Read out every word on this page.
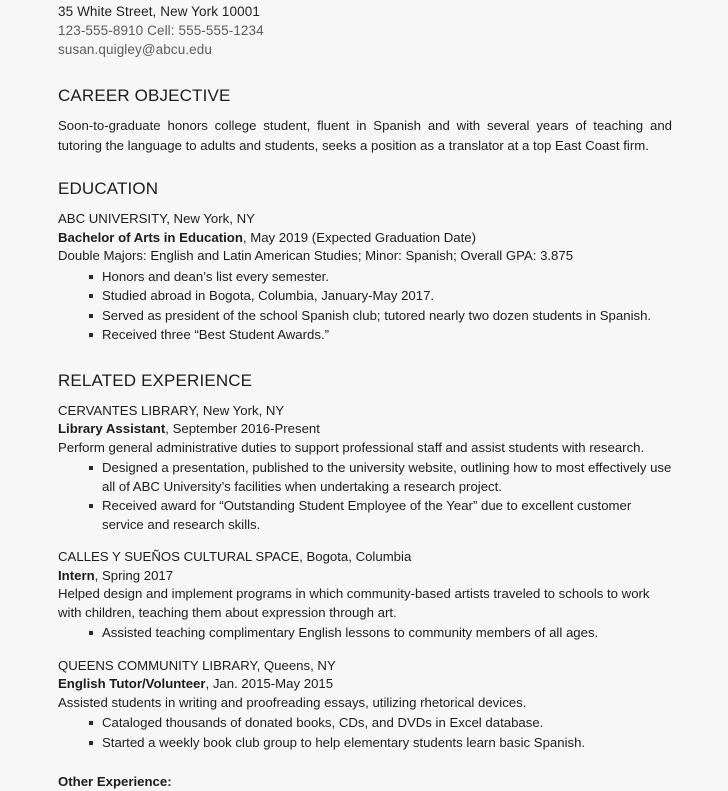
35 White Street, New York 10001
123-555-8910 Cell: 555-555-1234
susan.quigley@abcu.edu
CAREER OBJECTIVE
Soon-to-graduate honors college student, fluent in Spanish and with several years of teaching and tutoring the language to adults and students, seeks a position as a translator at a top East Coast firm.
EDUCATION
ABC UNIVERSITY, New York, NY
Bachelor of Arts in Education, May 2019 (Expected Graduation Date)
Double Majors: English and Latin American Studies; Minor: Spanish; Overall GPA: 3.875
Honors and dean’s list every semester.
Studied abroad in Bogota, Columbia, January-May 2017.
Served as president of the school Spanish club; tutored nearly two dozen students in Spanish.
Received three “Best Student Awards.”
RELATED EXPERIENCE
CERVANTES LIBRARY, New York, NY
Library Assistant, September 2016-Present
Perform general administrative duties to support professional staff and assist students with research.
Designed a presentation, published to the university website, outlining how to most effectively use all of ABC University’s facilities when undertaking a research project.
Received award for “Outstanding Student Employee of the Year” due to excellent customer service and research skills.
CALLES Y SUEÑOS CULTURAL SPACE, Bogota, Columbia
Intern, Spring 2017
Helped design and implement programs in which community-based artists traveled to schools to work with children, teaching them about expression through art.
Assisted teaching complimentary English lessons to community members of all ages.
QUEENS COMMUNITY LIBRARY, Queens, NY
English Tutor/Volunteer, Jan. 2015-May 2015
Assisted students in writing and proofreading essays, utilizing rhetorical devices.
Cataloged thousands of donated books, CDs, and DVDs in Excel database.
Started a weekly book club group to help elementary students learn basic Spanish.
Other Experience:
